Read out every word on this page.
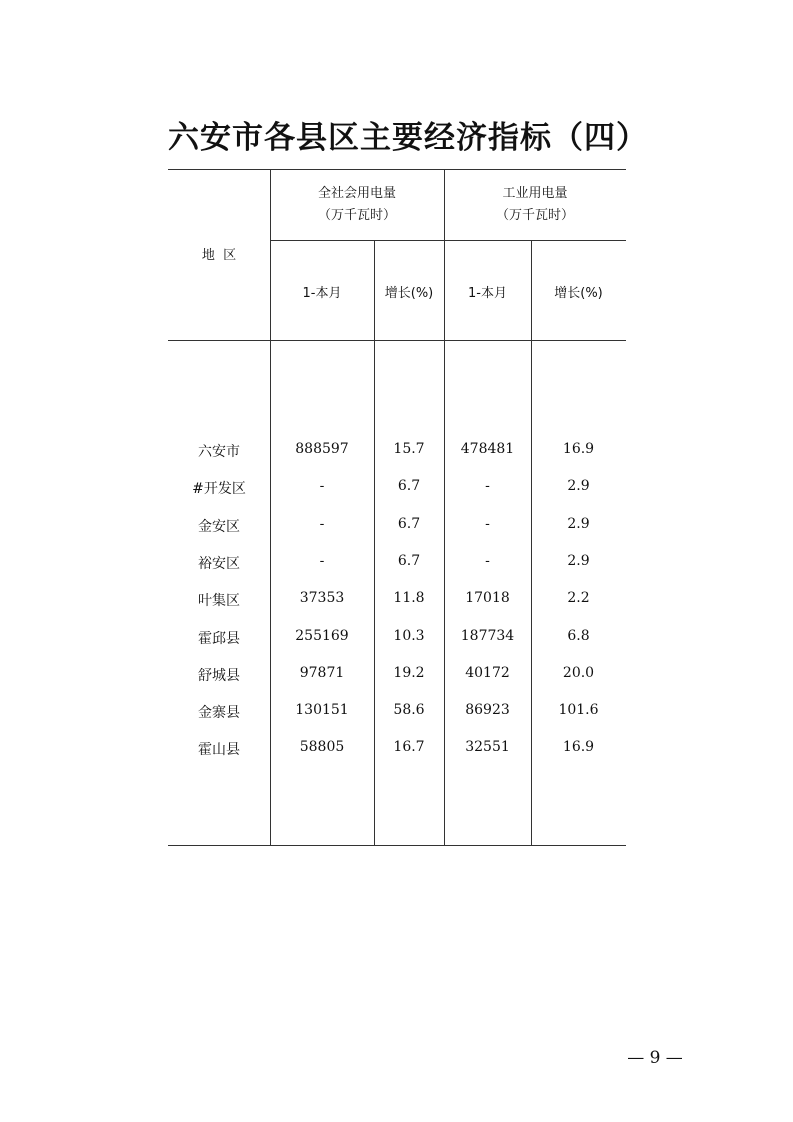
六安市各县区主要经济指标（四）
地  区
全社会用电量
（万千瓦时）
工业用电量
（万千瓦时）
1-本月	增长(%)	1-本月	增长(%)
六安市	888597	15.7	478481	16.9
#开发区	-	6.7	-	2.9
金安区	-	6.7	-	2.9
裕安区	-	6.7	-	2.9
叶集区	37353	11.8	17018	2.2
霍邱县	255169	10.3	187734	6.8
舒城县	97871	19.2	40172	20.0
金寨县	130151	58.6	86923	101.6
霍山县	58805	16.7	32551	16.9
— 9 —
